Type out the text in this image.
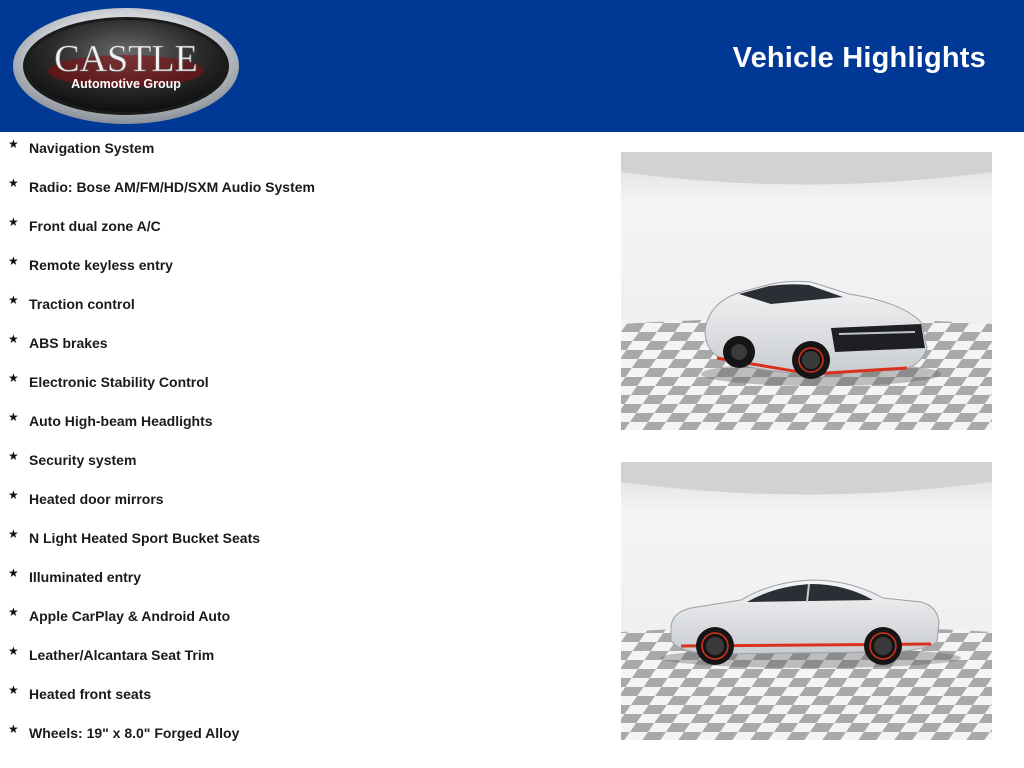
CASTLE
Automotive Group
Vehicle Highlights
★ Navigation System
★ Radio: Bose AM/FM/HD/SXM Audio System
★ Front dual zone A/C
★ Remote keyless entry
★ Traction control
★ ABS brakes
★ Electronic Stability Control
★ Auto High-beam Headlights
★ Security system
★ Heated door mirrors
★ N Light Heated Sport Bucket Seats
★ Illuminated entry
★ Apple CarPlay & Android Auto
★ Leather/Alcantara Seat Trim
★ Heated front seats
★ Wheels: 19" x 8.0" Forged Alloy
